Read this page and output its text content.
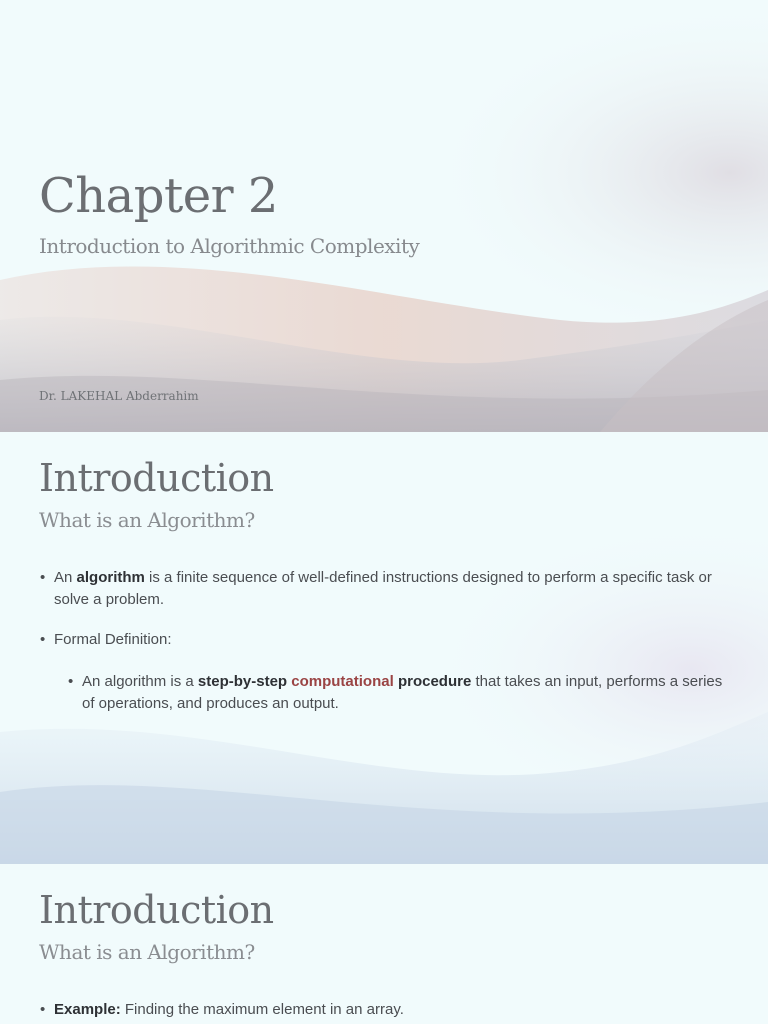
Chapter 2
Introduction to Algorithmic Complexity
Dr. LAKEHAL Abderrahim
Introduction
What is an Algorithm?
• An algorithm is a finite sequence of well-defined instructions designed to perform a specific task or solve a problem.
• Formal Definition:
• An algorithm is a step-by-step computational procedure that takes an input, performs a series of operations, and produces an output.
Introduction
What is an Algorithm?
• Example: Finding the maximum element in an array.
